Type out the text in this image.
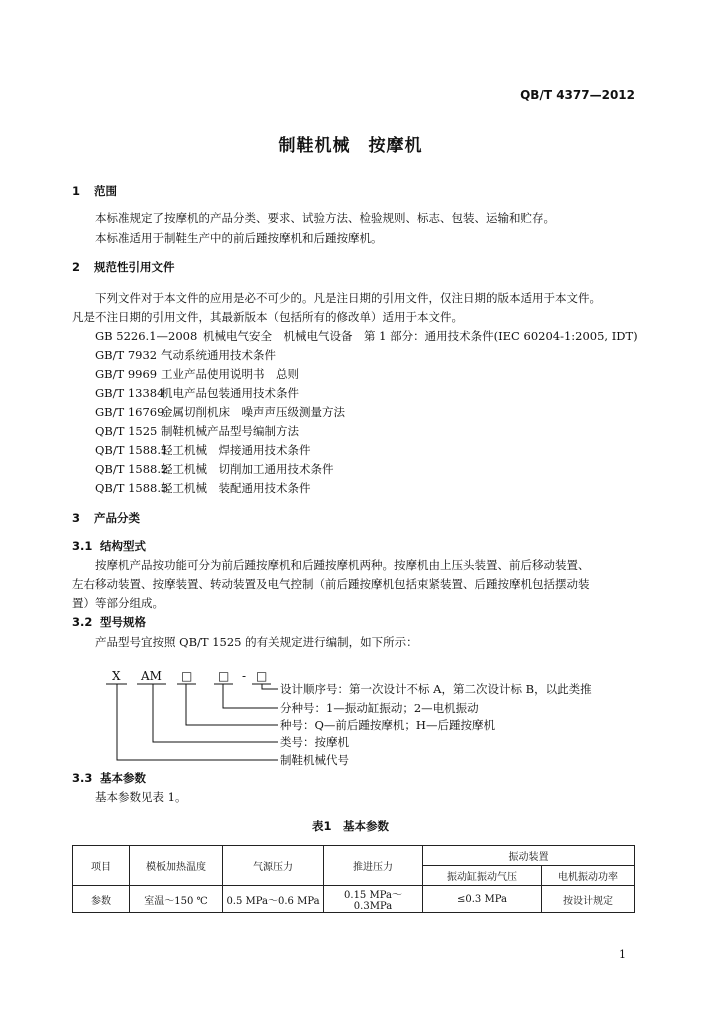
QB/T 4377—2012
制鞋机械　按摩机
1 范围
本标准规定了按摩机的产品分类、要求、试验方法、检验规则、标志、包装、运输和贮存。
本标准适用于制鞋生产中的前后踵按摩机和后踵按摩机。
2 规范性引用文件
下列文件对于本文件的应用是必不可少的。凡是注日期的引用文件，仅注日期的版本适用于本文件。
凡是不注日期的引用文件，其最新版本（包括所有的修改单）适用于本文件。
GB 5226.1—2008 机械电气安全　机械电气设备　第 1 部分：通用技术条件(IEC 60204-1:2005, IDT)
GB/T 7932 气动系统通用技术条件
GB/T 9969 工业产品使用说明书　总则
GB/T 13384机电产品包装通用技术条件
GB/T 16769金属切削机床　噪声声压级测量方法
QB/T 1525 制鞋机械产品型号编制方法
QB/T 1588.1轻工机械　焊接通用技术条件
QB/T 1588.2轻工机械　切削加工通用技术条件
QB/T 1588.3轻工机械　装配通用技术条件
3 产品分类
3.1 结构型式
按摩机产品按功能可分为前后踵按摩机和后踵按摩机两种。按摩机由上压头装置、前后移动装置、
左右移动装置、按摩装置、转动装置及电气控制（前后踵按摩机包括束紧装置、后踵按摩机包括摆动装
置）等部分组成。
3.2 型号规格
产品型号宜按照 QB/T 1525 的有关规定进行编制，如下所示：
X AM □ □ - □
设计顺序号：第一次设计不标 A，第二次设计标 B，以此类推
分种号：1—振动缸振动；2—电机振动
种号：Q—前后踵按摩机；H—后踵按摩机
类号：按摩机
制鞋机械代号
3.3 基本参数
基本参数见表 1。
表1　基本参数
项目	模板加热温度	气源压力	推进压力	振动装置	
				振动缸振动气压	电机振动功率
参数	室温～150 ℃	0.5 MPa～0.6 MPa	0.15 MPa～0.3MPa	≤0.3 MPa	按设计规定
1
